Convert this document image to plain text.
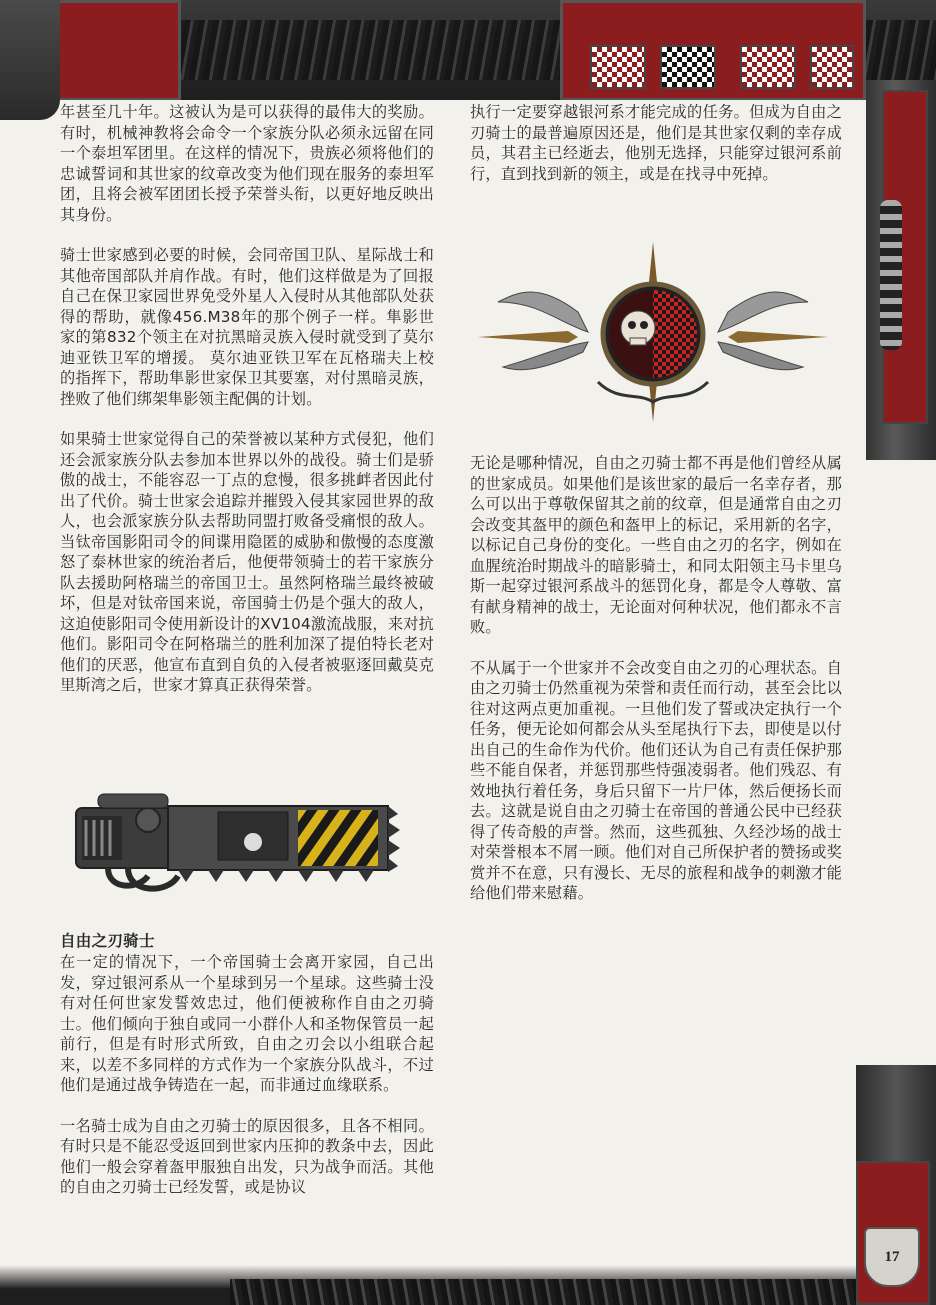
17

年甚至几十年。这被认为是可以获得的最伟大的奖励。有时，机械神教将会命令一个家族分队必须永远留在同一个泰坦军团里。在这样的情况下，贵族必须将他们的忠诚誓词和其世家的纹章改变为他们现在服务的泰坦军团，且将会被军团团长授予荣誉头衔，以更好地反映出其身份。

骑士世家感到必要的时候，会同帝国卫队、星际战士和其他帝国部队并肩作战。有时，他们这样做是为了回报自己在保卫家园世界免受外星人入侵时从其他部队处获得的帮助，就像456.M38年的那个例子一样。隼影世家的第832个领主在对抗黑暗灵族入侵时就受到了莫尔迪亚铁卫军的增援。 莫尔迪亚铁卫军在瓦格瑞夫上校的指挥下，帮助隼影世家保卫其要塞，对付黑暗灵族，挫败了他们绑架隼影领主配偶的计划。

如果骑士世家觉得自己的荣誉被以某种方式侵犯，他们还会派家族分队去参加本世界以外的战役。骑士们是骄傲的战士，不能容忍一丁点的怠慢，很多挑衅者因此付出了代价。骑士世家会追踪并摧毁入侵其家园世界的敌人，也会派家族分队去帮助同盟打败备受痛恨的敌人。当钛帝国影阳司令的间谍用隐匿的威胁和傲慢的态度激怒了泰林世家的统治者后，他便带领骑士的若干家族分队去援助阿格瑞兰的帝国卫士。虽然阿格瑞兰最终被破坏，但是对钛帝国来说，帝国骑士仍是个强大的敌人，这迫使影阳司令使用新设计的XV104激流战服，来对抗他们。影阳司令在阿格瑞兰的胜利加深了提伯特长老对他们的厌恶，他宣布直到自负的入侵者被驱逐回戴莫克里斯湾之后，世家才算真正获得荣誉。

自由之刃骑士

在一定的情况下，一个帝国骑士会离开家园，自己出发，穿过银河系从一个星球到另一个星球。这些骑士没有对任何世家发誓效忠过，他们便被称作自由之刃骑士。他们倾向于独自或同一小群仆人和圣物保管员一起前行，但是有时形式所致，自由之刃会以小组联合起来，以差不多同样的方式作为一个家族分队战斗，不过他们是通过战争铸造在一起，而非通过血缘联系。

一名骑士成为自由之刃骑士的原因很多，且各不相同。有时只是不能忍受返回到世家内压抑的教条中去，因此他们一般会穿着盔甲服独自出发，只为战争而活。其他的自由之刃骑士已经发誓，或是协议

执行一定要穿越银河系才能完成的任务。但成为自由之刃骑士的最普遍原因还是，他们是其世家仅剩的幸存成员，其君主已经逝去，他别无选择，只能穿过银河系前行，直到找到新的领主，或是在找寻中死掉。

无论是哪种情况，自由之刃骑士都不再是他们曾经从属的世家成员。如果他们是该世家的最后一名幸存者，那么可以出于尊敬保留其之前的纹章，但是通常自由之刃会改变其盔甲的颜色和盔甲上的标记，采用新的名字，以标记自己身份的变化。一些自由之刃的名字，例如在血腥统治时期战斗的暗影骑士，和同太阳领主马卡里乌斯一起穿过银河系战斗的惩罚化身，都是令人尊敬、富有献身精神的战士，无论面对何种状况，他们都永不言败。

不从属于一个世家并不会改变自由之刃的心理状态。自由之刃骑士仍然重视为荣誉和责任而行动，甚至会比以往对这两点更加重视。一旦他们发了誓或决定执行一个任务，便无论如何都会从头至尾执行下去，即使是以付出自己的生命作为代价。他们还认为自己有责任保护那些不能自保者，并惩罚那些恃强凌弱者。他们残忍、有效地执行着任务，身后只留下一片尸体，然后便扬长而去。这就是说自由之刃骑士在帝国的普通公民中已经获得了传奇般的声誉。然而，这些孤独、久经沙场的战士对荣誉根本不屑一顾。他们对自己所保护者的赞扬或奖赏并不在意，只有漫长、无尽的旅程和战争的刺激才能给他们带来慰藉。
